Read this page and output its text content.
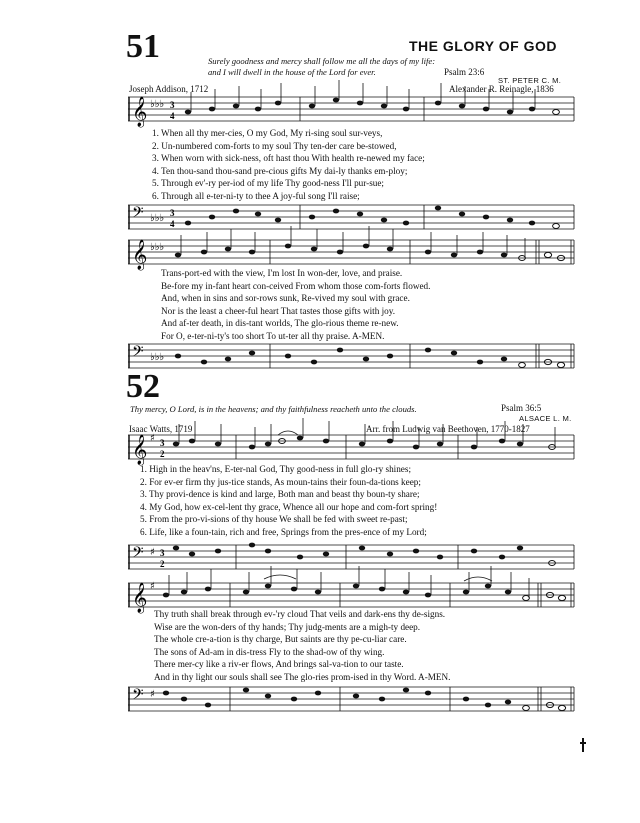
51	THE GLORY OF GOD
Surely goodness and mercy shall follow me all the days of my life:
and I will dwell in the house of the Lord for ever.	Psalm 23:6
ST. PETER C. M.
Joseph Addison, 1712	Alexander R. Reinagle, 1836
𝄞 ♭♭♭ 3
4
1. When all thy mer-cies, O my God, My ri-sing soul sur-veys,
2. Un-numbered com-forts to my soul Thy ten-der care be-stowed,
3. When worn with sick-ness, oft hast thou With health re-newed my face;
4. Ten thou-sand thou-sand pre-cious gifts My dai-ly thanks em-ploy;
5. Through ev'-ry per-iod of my life Thy good-ness I'll pur-sue;
6. Through all e-ter-ni-ty to thee A joy-ful song I'll raise;
𝄢 ♭♭♭ 3
4
𝄞 ♭♭♭
Trans-port-ed with the view, I'm lost In won-der, love, and praise.
Be-fore my in-fant heart con-ceived From whom those com-forts flowed.
And, when in sins and sor-rows sunk, Re-vived my soul with grace.
Nor is the least a cheer-ful heart That tastes those gifts with joy.
And af-ter death, in dis-tant worlds, The glo-rious theme re-new.
For O, e-ter-ni-ty's too short To ut-ter all thy praise. A-MEN.
𝄢 ♭♭♭
52
Thy mercy, O Lord, is in the heavens; and thy faithfulness reacheth unto the clouds.	Psalm 36:5
ALSACE L. M.
Isaac Watts, 1719	Arr. from Ludwig van Beethoven, 1770-1827
𝄞 ♯ 3
2
1. High in the heav'ns, E-ter-nal God, Thy good-ness in full glo-ry shines;
2. For ev-er firm thy jus-tice stands, As moun-tains their foun-da-tions keep;
3. Thy provi-dence is kind and large, Both man and beast thy boun-ty share;
4. My God, how ex-cel-lent thy grace, Whence all our hope and com-fort spring!
5. From the pro-vi-sions of thy house We shall be fed with sweet re-past;
6. Life, like a foun-tain, rich and free, Springs from the pres-ence of my Lord;
𝄢 ♯ 3
2
𝄞 ♯
Thy truth shall break through ev-'ry cloud That veils and dark-ens thy de-signs.
Wise are the won-ders of thy hands; Thy judg-ments are a migh-ty deep.
The whole cre-a-tion is thy charge, But saints are thy pe-cu-liar care.
The sons of Ad-am in dis-tress Fly to the shad-ow of thy wing.
There mer-cy like a riv-er flows, And brings sal-va-tion to our taste.
And in thy light our souls shall see The glo-ries prom-ised in thy Word. A-MEN.
𝄢 ♯
